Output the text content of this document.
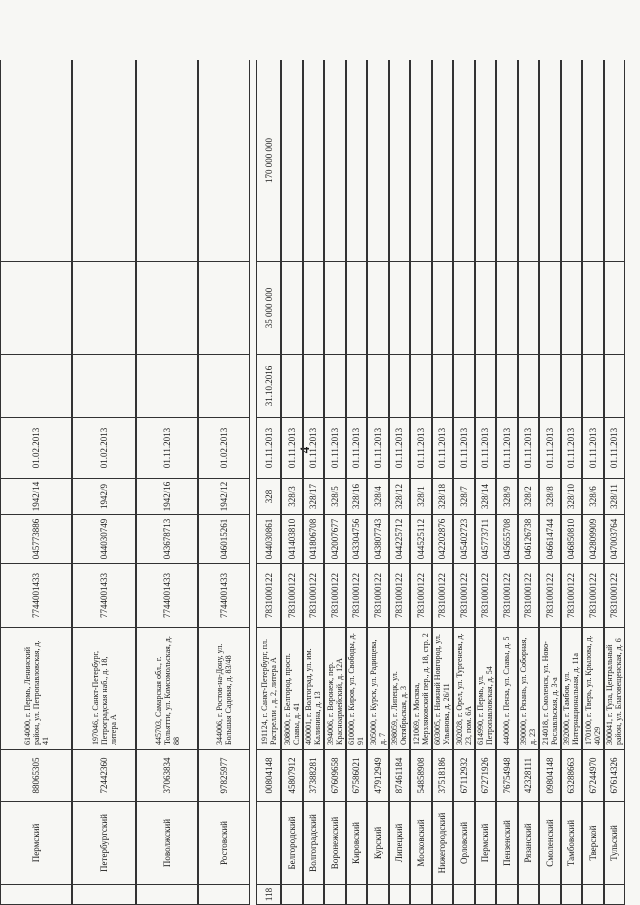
4
Пермский
88065305
614000, г. Пермь, Ленинский район, ул. Петропавловская, д. 41
7744001433
045773886
1942/14
01.02.2013
Петербургский
72442360
197046, г. Санкт-Петербург, Петроградская наб., д. 18, литера А
7744001433
044030749
1942/9
01.02.2013
Поволжский
37063834
445703, Самарская обл., г. Тольятти, ул. Комсомольская, д. 88
7744001433
043678713
1942/16
01.11.2013
Ростовский
97825977
344006, г. Ростов-на-Дону, ул. Большая Садовая, д. 83/48
7744001433
046015261
1942/12
01.02.2013
118
00804148
191124, г. Санкт-Петербург, пл. Растрелли , д. 2, литера А
7831000122
044030861
328
01.11.2013
31.10.2016
35 000 000
170 000 000
Белгородский
45807912
308000, г. Белгород, просп. Славы, д. 41
7831000122
041403810
328/3
01.11.2013
Волгоградский
37388281
400001, г. Волгоград, ул. им. Калинина, д. 13
7831000122
041806708
328/17
01.11.2013
Воронежский
67609658
394006, г. Воронеж, пер. Красноармейский, д. 12А
7831000122
042007677
328/5
01.11.2013
Кировский
67586021
610000, г. Киров, ул. Свободы, д. 91
7831000122
043304756
328/16
01.11.2013
Курский
47912949
305000, г. Курск, ул. Радищева, д. 7
7831000122
043807743
328/4
01.11.2013
Липецкий
87461184
398059, г. Липецк, ул. Октябрьская, д. 3
7831000122
044225712
328/12
01.11.2013
Московский
54858908
121069, г. Москва, Мерзляковский пер., д. 18, стр. 2
7831000122
044525112
328/1
01.11.2013
Нижегородский
37518186
603005, г. Нижний Новгород, ул. Ульянова, д. 26/11
7831000122
042202876
328/18
01.11.2013
Орловский
67112932
302028, г. Орел, ул. Тургенева, д. 23, пом. 6А
7831000122
045402723
328/7
01.11.2013
Пермский
67271926
614990, г. Пермь, ул. Петропавловская, д. 54
7831000122
045773711
328/14
01.11.2013
Пензенский
76754948
440000, г. Пенза, ул. Славы, д. 5
7831000122
045655708
328/9
01.11.2013
Рязанский
42328111
390000, г. Рязань, ул. Соборная, д. 23
7831000122
046126738
328/2
01.11.2013
Смоленский
09804148
214018, г. Смоленск, ул. Ново-Рославльская, д. 3-а
7831000122
046614744
328/8
01.11.2013
Тамбовский
63288663
392000, г. Тамбов, ул. Интернациональная, д. 11а
7831000122
046850810
328/10
01.11.2013
Тверской
67244970
170100, г. Тверь, ул. Крылова, д. 40/29
7831000122
042809909
328/6
01.11.2013
Тульский
67614326
300041, г. Тула, Центральный район, ул. Благовещенская, д. 6
7831000122
047003764
328/11
01.11.2013
